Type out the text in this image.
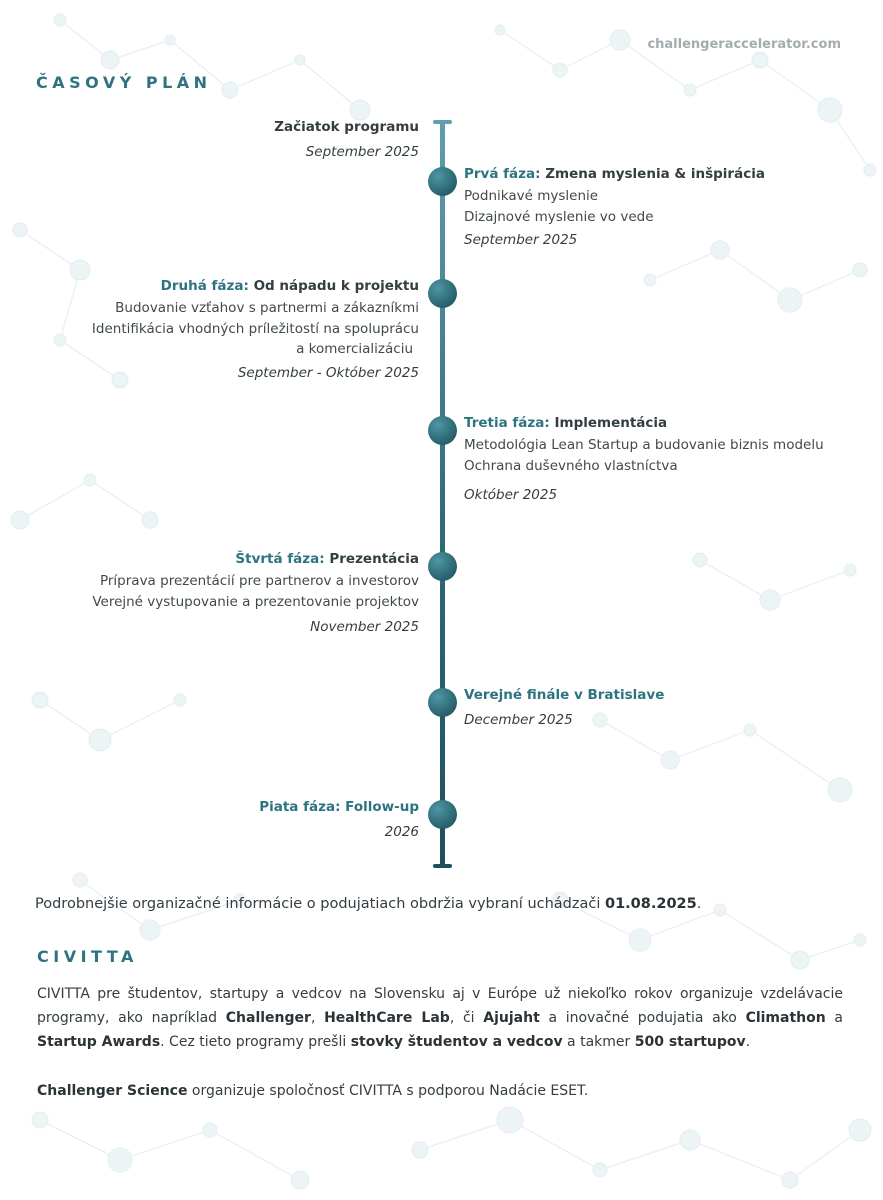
challengeraccelerator.com
ČASOVÝ PLÁN
Začiatok programu
September 2025
Prvá fáza: Zmena myslenia & inšpirácia
Podnikavé myslenie
Dizajnové myslenie vo vede
September 2025
Druhá fáza: Od nápadu k projektu
Budovanie vzťahov s partnermi a zákazníkmi
Identifikácia vhodných príležitostí na spoluprácu
a komercializáciu
September - Október 2025
Tretia fáza: Implementácia
Metodológia Lean Startup a budovanie biznis modelu
Ochrana duševného vlastníctva
Október 2025
Štvrtá fáza: Prezentácia
Príprava prezentácií pre partnerov a investorov
Verejné vystupovanie a prezentovanie projektov
November 2025
Verejné finále v Bratislave
December 2025
Piata fáza: Follow-up
2026
Podrobnejšie organizačné informácie o podujatiach obdržia vybraní uchádzači 01.08.2025.
CIVITTA
CIVITTA pre študentov, startupy a vedcov na Slovensku aj v Európe už niekoľko rokov organizuje vzdelávacie programy, ako napríklad Challenger, HealthCare Lab, či Ajujaht a inovačné podujatia ako Climathon a Startup Awards. Cez tieto programy prešli stovky študentov a vedcov a takmer 500 startupov.
Challenger Science organizuje spoločnosť CIVITTA s podporou Nadácie ESET.
